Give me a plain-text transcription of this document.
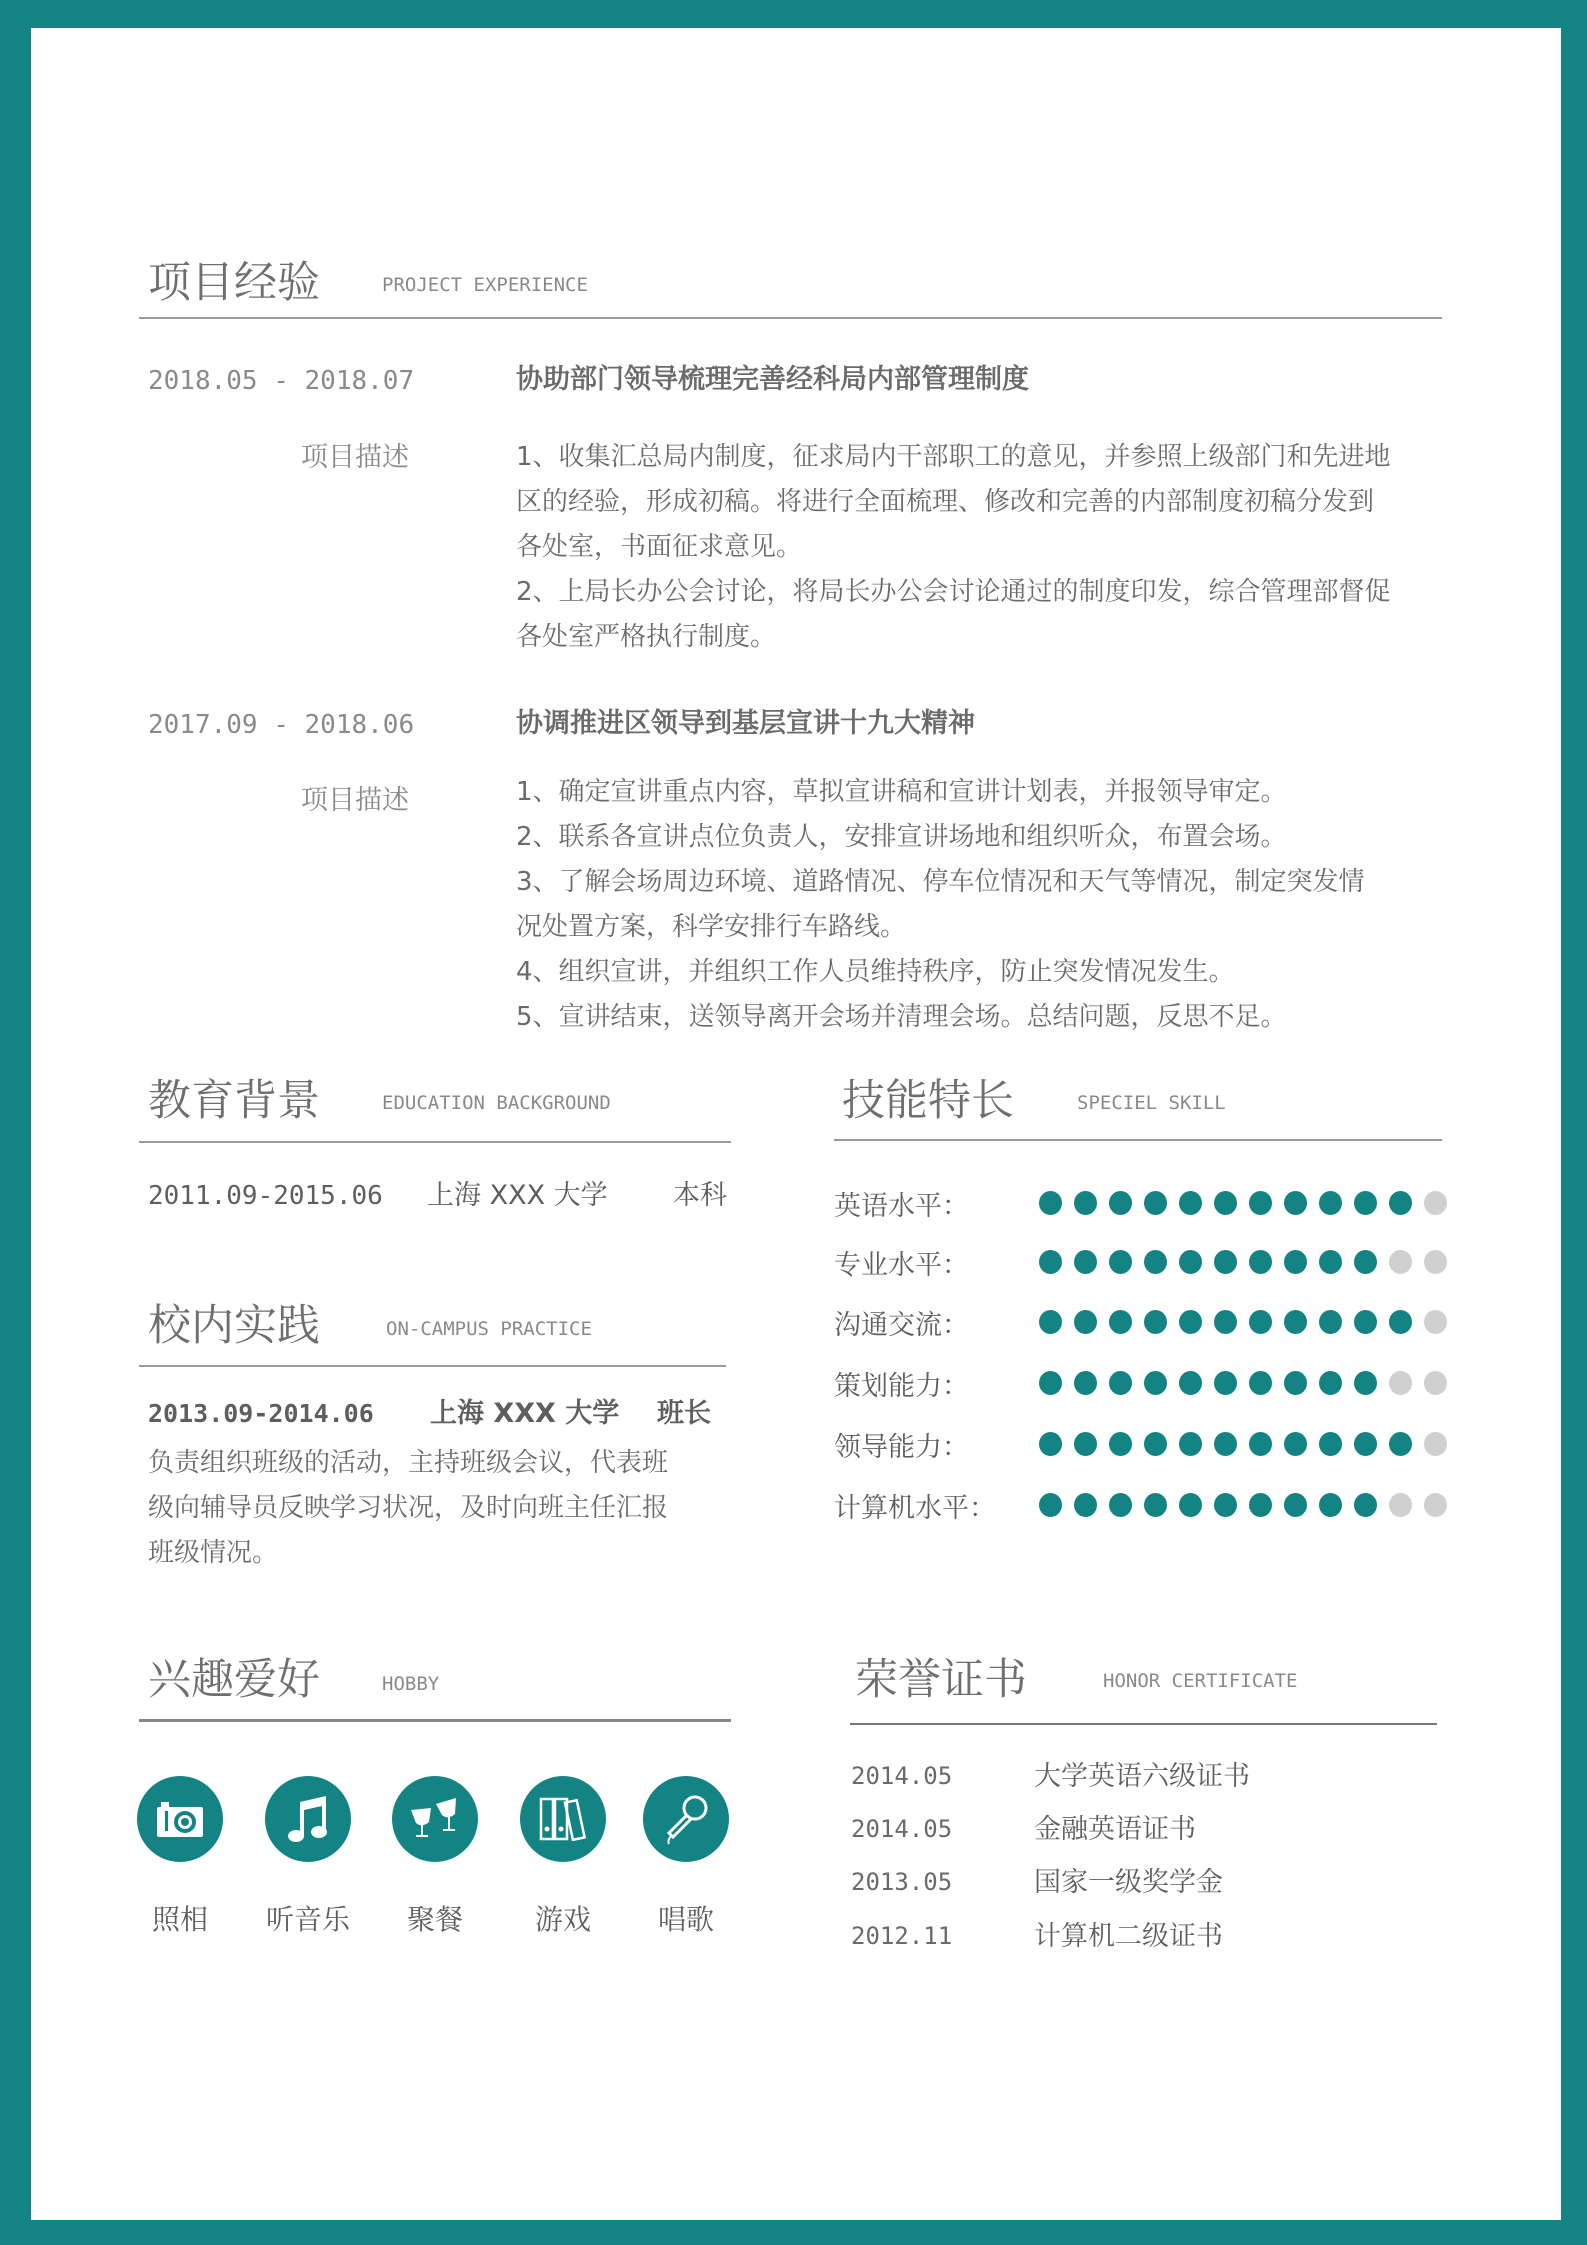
项目经验	PROJECT EXPERIENCE
2018.05 - 2018.07	协助部门领导梳理完善经科局内部管理制度
项目描述	1、收集汇总局内制度，征求局内干部职工的意见，并参照上级部门和先进地
区的经验，形成初稿。将进行全面梳理、修改和完善的内部制度初稿分发到
各处室，书面征求意见。
2、上局长办公会讨论，将局长办公会讨论通过的制度印发，综合管理部督促
各处室严格执行制度。
2017.09 - 2018.06	协调推进区领导到基层宣讲十九大精神
项目描述	1、确定宣讲重点内容，草拟宣讲稿和宣讲计划表，并报领导审定。
2、联系各宣讲点位负责人，安排宣讲场地和组织听众，布置会场。
3、了解会场周边环境、道路情况、停车位情况和天气等情况，制定突发情
况处置方案，科学安排行车路线。
4、组织宣讲，并组织工作人员维持秩序，防止突发情况发生。
5、宣讲结束，送领导离开会场并清理会场。总结问题，反思不足。
教育背景	EDUCATION BACKGROUND
2011.09-2015.06 上海 XXX 大学 本科
校内实践	ON-CAMPUS PRACTICE
2013.09-2014.06 上海 XXX 大学 班长
负责组织班级的活动，主持班级会议，代表班
级向辅导员反映学习状况，及时向班主任汇报
班级情况。
技能特长	SPECIEL SKILL
英语水平：
专业水平：
沟通交流：
策划能力：
领导能力：
计算机水平：
兴趣爱好	HOBBY
照相	听音乐	聚餐	游戏	唱歌
荣誉证书	HONOR CERTIFICATE
2014.05	大学英语六级证书
2014.05	金融英语证书
2013.05	国家一级奖学金
2012.11	计算机二级证书
